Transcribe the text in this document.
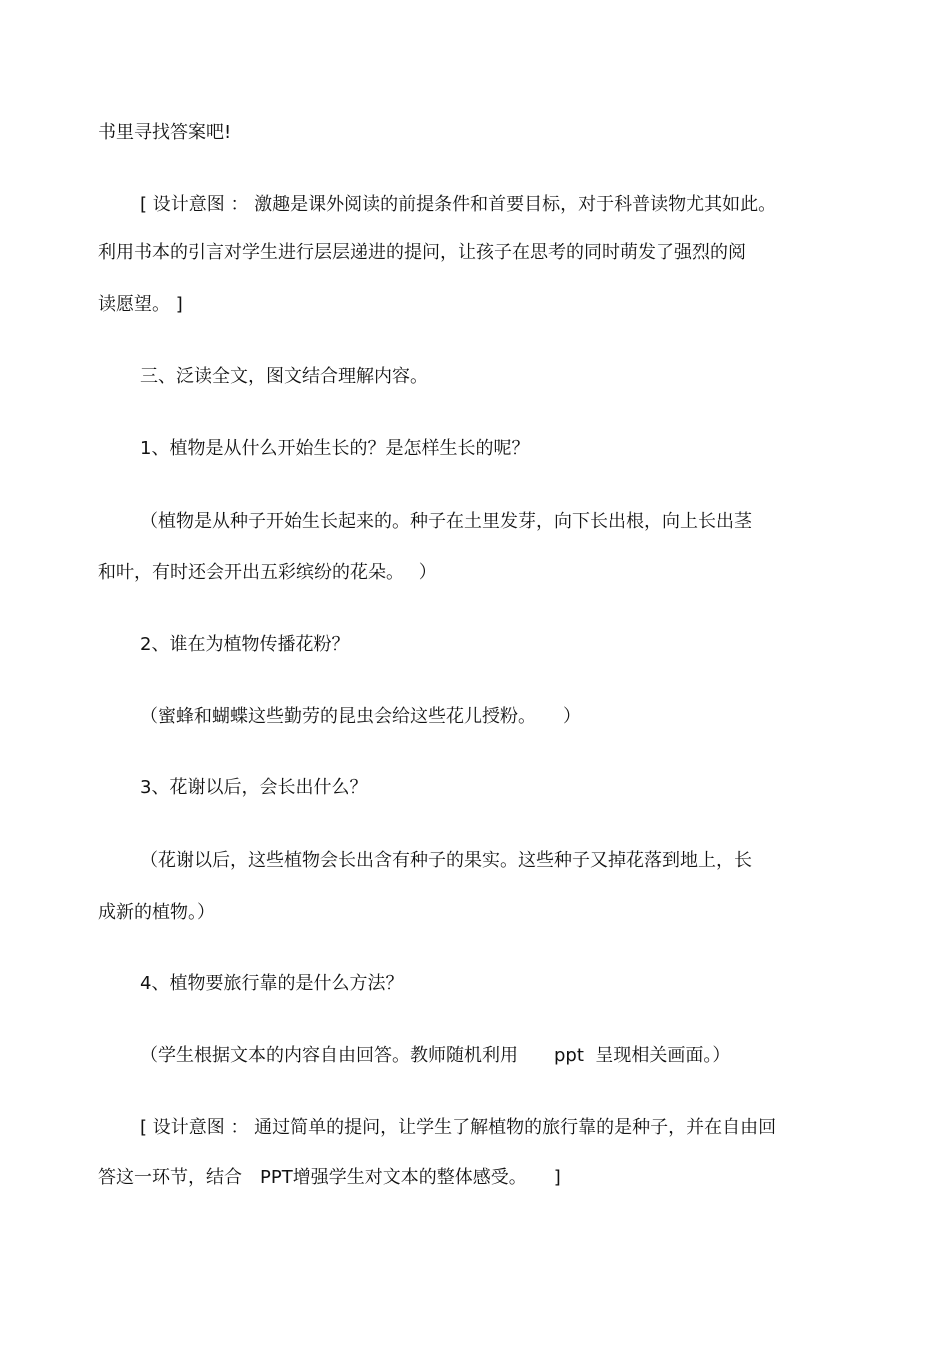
书里寻找答案吧!

[ 设计意图 ： 激趣是课外阅读的前提条件和首要目标，对于科普读物尤其如此。

利用书本的引言对学生进行层层递进的提问，让孩子在思考的同时萌发了强烈的阅

读愿望。 ]

三、泛读全文，图文结合理解内容。

1、植物是从什么开始生长的？是怎样生长的呢？

（植物是从种子开始生长起来的。种子在土里发芽，向下长出根，向上长出茎

和叶，有时还会开出五彩缤纷的花朵。　 ）

2、谁在为植物传播花粉？

（蜜蜂和蝴蝶这些勤劳的昆虫会给这些花儿授粉。　　）

3、花谢以后，会长出什么？

（花谢以后，这些植物会长出含有种子的果实。这些种子又掉花落到地上，长

成新的植物。）

4、植物要旅行靠的是什么方法？

（学生根据文本的内容自由回答。教师随机利用　　ppt  呈现相关画面。）

[ 设计意图 ： 通过简单的提问，让学生了解植物的旅行靠的是种子，并在自由回

答这一环节，结合　PPT增强学生对文本的整体感受。　　]
